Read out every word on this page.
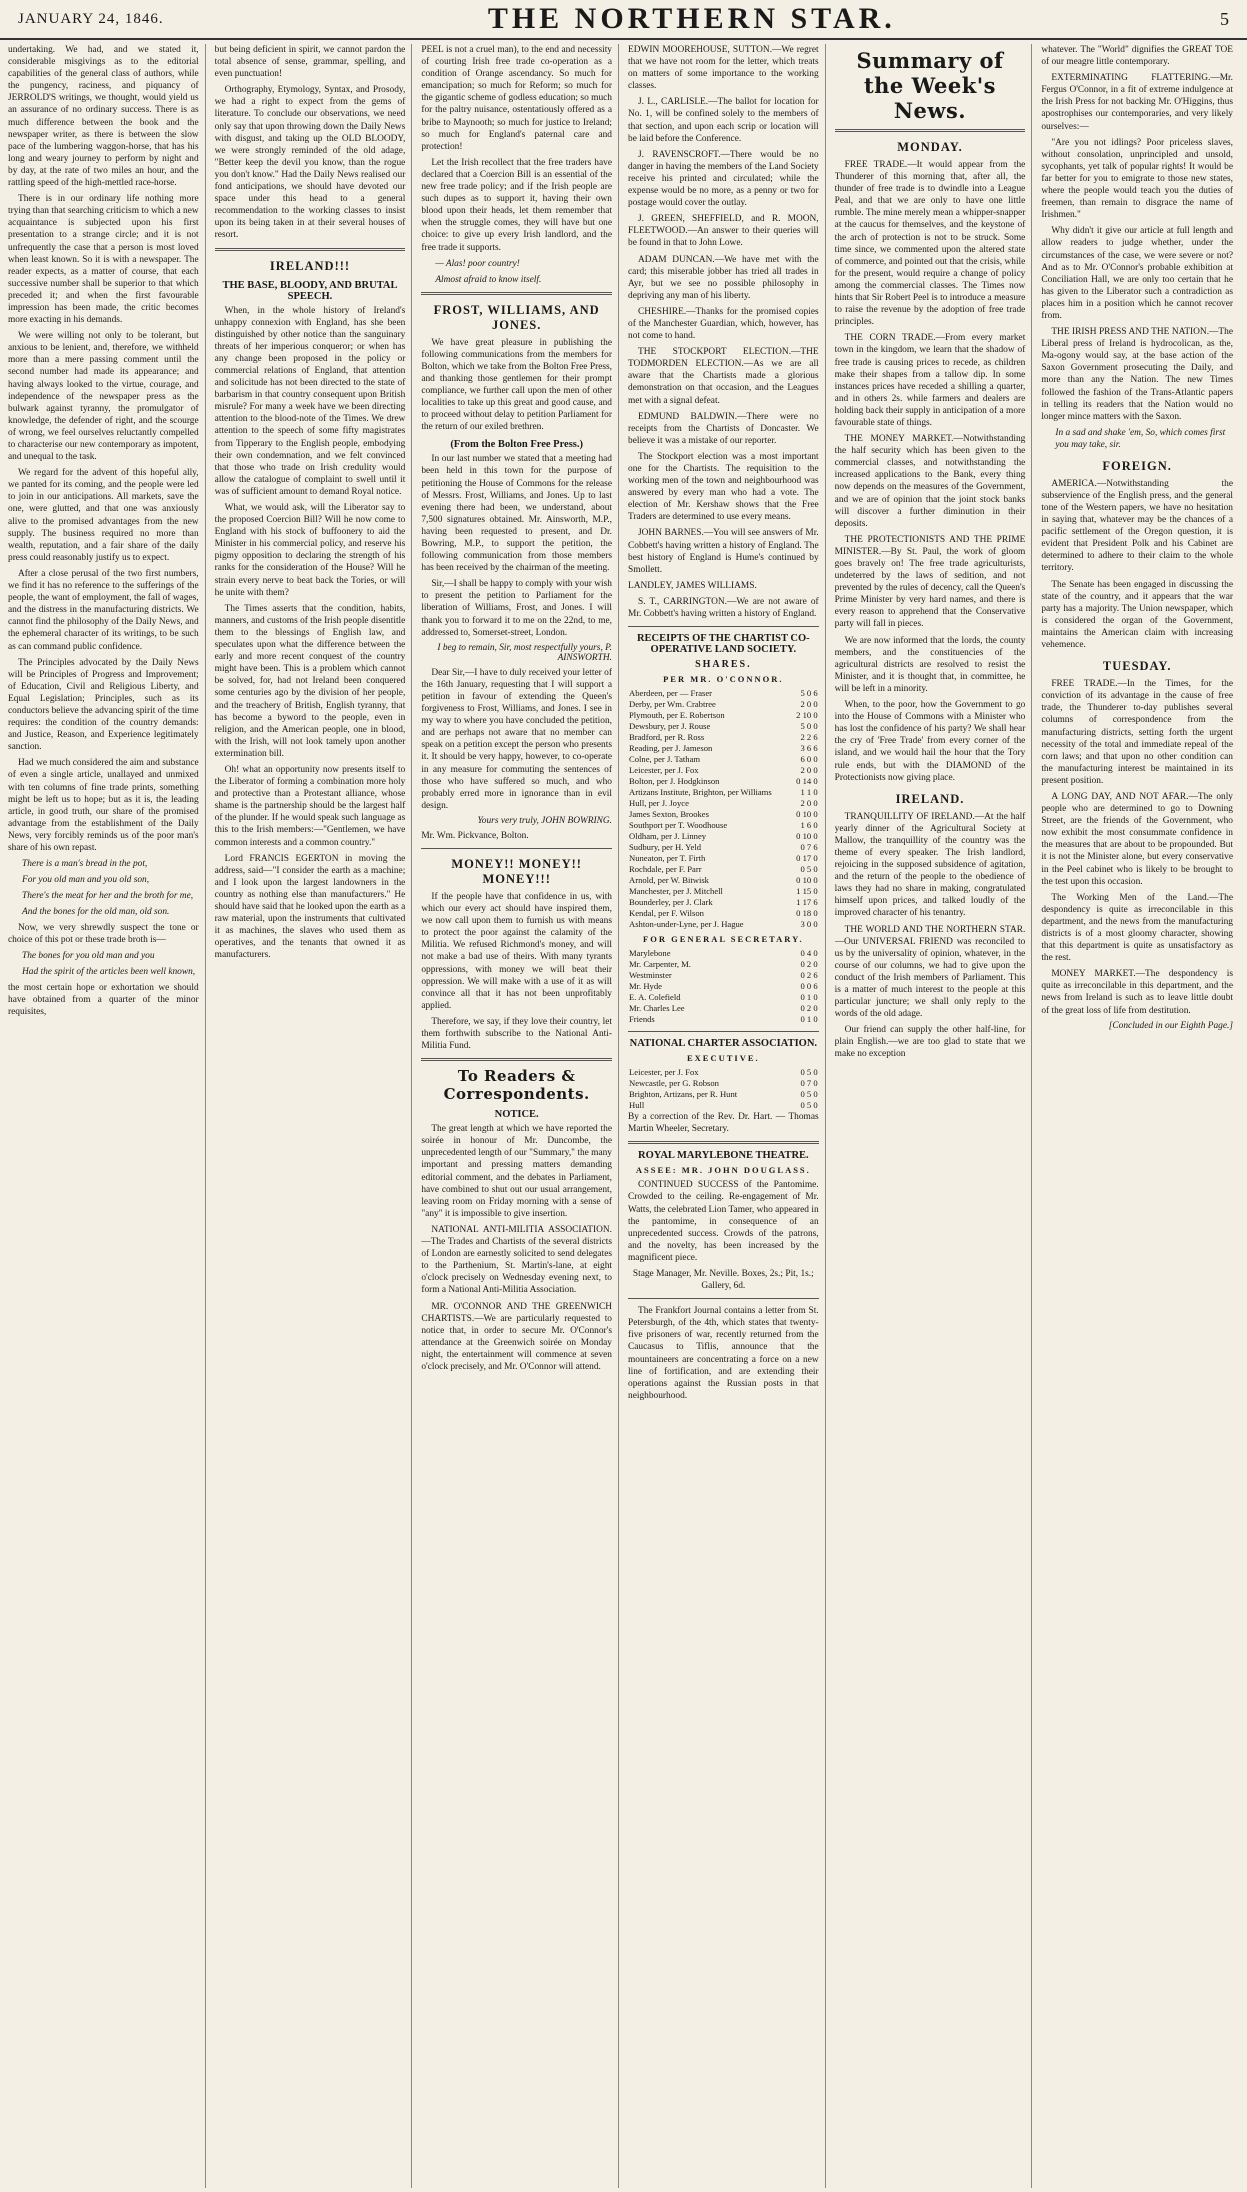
JANUARY 24, 1846.	THE NORTHERN STAR.	5

undertaking. We had, and we stated it, considerable misgivings as to the editorial capabilities of the general class of authors, while the pungency, raciness, and piquancy of JERROLD'S writings, we thought, would yield us an assurance of no ordinary success. There is as much difference between the book and the newspaper writer, as there is between the slow pace of the lumbering waggon-horse, that has his long and weary journey to perform by night and by day, at the rate of two miles an hour, and the rattling speed of the high-mettled race-horse.

There is in our ordinary life nothing more trying than that searching criticism to which a new acquaintance is subjected upon his first presentation to a strange circle; and it is not unfrequently the case that a person is most loved when least known. So it is with a newspaper. The reader expects, as a matter of course, that each successive number shall be superior to that which preceded it; and when the first favourable impression has been made, the critic becomes more exacting in his demands.

We were willing not only to be tolerant, but anxious to be lenient, and, therefore, we withheld more than a mere passing comment until the second number had made its appearance; and having always looked to the virtue, courage, and independence of the newspaper press as the bulwark against tyranny, the promulgator of knowledge, the defender of right, and the scourge of wrong, we feel ourselves reluctantly compelled to characterise our new contemporary as impotent, and unequal to the task.

We regard for the advent of this hopeful ally, we panted for its coming, and the people were led to join in our anticipations. All markets, save the one, were glutted, and that one was anxiously alive to the promised advantages from the new supply. The business required no more than wealth, reputation, and a fair share of the daily press could reasonably justify us to expect.

After a close perusal of the two first numbers, we find it has no reference to the sufferings of the people, the want of employment, the fall of wages, and the distress in the manufacturing districts. We cannot find the philosophy of the Daily News, and the ephemeral character of its writings, to be such as can command public confidence.

The Principles advocated by the Daily News will be Principles of Progress and Improvement; of Education, Civil and Religious Liberty, and Equal Legislation; Principles, such as its conductors believe the advancing spirit of the time requires: the condition of the country demands: and Justice, Reason, and Experience legitimately sanction.

Had we much considered the aim and substance of even a single article, unallayed and unmixed with ten columns of fine trade prints, something might be left us to hope; but as it is, the leading article, in good truth, our share of the promised advantage from the establishment of the Daily News, very forcibly reminds us of the poor man's share of his own repast.

There is a man's bread in the pot,
For you old man and you old son,
There's the meat for her and the broth for me,
And the bones for the old man, old son.

Now, we very shrewdly suspect the tone or choice of this pot or these trade broth is—

The bones for you old man and you
Had the spirit of the articles been well known,

the most certain hope or exhortation we should have obtained from a quarter of the minor requisites,

but being deficient in spirit, we cannot pardon the total absence of sense, grammar, spelling, and even punctuation!

Orthography, Etymology, Syntax, and Prosody, we had a right to expect from the gems of literature. To conclude our observations, we need only say that upon throwing down the Daily News with disgust, and taking up the OLD BLOODY, we were strongly reminded of the old adage, "Better keep the devil you know, than the rogue you don't know." Had the Daily News realised our fond anticipations, we should have devoted our space under this head to a general recommendation to the working classes to insist upon its being taken in at their several houses of resort.

IRELAND!!!
THE BASE, BLOODY, AND BRUTAL SPEECH.

When, in the whole history of Ireland's unhappy connexion with England, has she been distinguished by other notice than the sanguinary threats of her imperious conqueror; or when has any change been proposed in the policy or commercial relations of England, that attention and solicitude has not been directed to the state of barbarism in that country consequent upon British misrule? For many a week have we been directing attention to the blood-note of the Times. We drew attention to the speech of some fifty magistrates from Tipperary to the English people, embodying their own condemnation, and we felt convinced that those who trade on Irish credulity would allow the catalogue of complaint to swell until it was of sufficient amount to demand Royal notice.

What, we would ask, will the Liberator say to the proposed Coercion Bill? Will he now come to England with his stock of buffoonery to aid the Minister in his commercial policy, and reserve his pigmy opposition to declaring the strength of his ranks for the consideration of the House? Will he strain every nerve to beat back the Tories, or will he unite with them?

The Times asserts that the condition, habits, manners, and customs of the Irish people disentitle them to the blessings of English law, and speculates upon what the difference between the early and more recent conquest of the country might have been. This is a problem which cannot be solved, for, had not Ireland been conquered some centuries ago by the division of her people, and the treachery of British, English tyranny, that has become a byword to the people, even in religion, and the American people, one in blood, with the Irish, will not look tamely upon another extermination bill.

Oh! what an opportunity now presents itself to the Liberator of forming a combination more holy and protective than a Protestant alliance, whose shame is the partnership should be the largest half of the plunder. If he would speak such language as this to the Irish members:—"Gentlemen, we have common interests and a common country."

Lord FRANCIS EGERTON in moving the address, said—"I consider the earth as a machine; and I look upon the largest landowners in the country as nothing else than manufacturers." He should have said that he looked upon the earth as a raw material, upon the instruments that cultivated it as machines, the slaves who used them as operatives, and the tenants that owned it as manufacturers.

PEEL is not a cruel man), to the end and necessity of courting Irish free trade co-operation as a condition of Orange ascendancy. So much for emancipation; so much for Reform; so much for the gigantic scheme of godless education; so much for the paltry nuisance, ostentatiously offered as a bribe to Maynooth; so much for justice to Ireland; so much for England's paternal care and protection!

Let the Irish recollect that the free traders have declared that a Coercion Bill is an essential of the new free trade policy; and if the Irish people are such dupes as to support it, having their own blood upon their heads, let them remember that when the struggle comes, they will have but one choice: to give up every Irish landlord, and the free trade it supports.

— Alas! poor country!
Almost afraid to know itself.
FROST, WILLIAMS, AND JONES.

We have great pleasure in publishing the following communications from the members for Bolton, which we take from the Bolton Free Press, and thanking those gentlemen for their prompt compliance, we further call upon the men of other localities to take up this great and good cause, and to proceed without delay to petition Parliament for the return of our exiled brethren.

(From the Bolton Free Press.)

In our last number we stated that a meeting had been held in this town for the purpose of petitioning the House of Commons for the release of Messrs. Frost, Williams, and Jones. Up to last evening there had been, we understand, about 7,500 signatures obtained. Mr. Ainsworth, M.P., having been requested to present, and Dr. Bowring, M.P., to support the petition, the following communication from those members has been received by the chairman of the meeting.

Sir,—I shall be happy to comply with your wish to present the petition to Parliament for the liberation of Williams, Frost, and Jones. I will thank you to forward it to me on the 22nd, to me, addressed to, Somerset-street, London.

I beg to remain, Sir, most respectfully yours, P. AINSWORTH.

Dear Sir,—I have to duly received your letter of the 16th January, requesting that I will support a petition in favour of extending the Queen's forgiveness to Frost, Williams, and Jones. I see in my way to where you have concluded the petition, and are perhaps not aware that no member can speak on a petition except the person who presents it. It should be very happy, however, to co-operate in any measure for commuting the sentences of those who have suffered so much, and who probably erred more in ignorance than in evil design.

Yours very truly, JOHN BOWRING.

Mr. Wm. Pickvance, Bolton.

MONEY!! MONEY!! MONEY!!!

If the people have that confidence in us, with which our every act should have inspired them, we now call upon them to furnish us with means to protect the poor against the calamity of the Militia. We refused Richmond's money, and will not make a bad use of theirs. With many tyrants oppressions, with money we will beat their oppression. We will make with a use of it as will convince all that it has not been unprofitably applied.

Therefore, we say, if they love their country, let them forthwith subscribe to the National Anti-Militia Fund.

To Readers & Correspondents.
NOTICE.

The great length at which we have reported the soirée in honour of Mr. Duncombe, the unprecedented length of our "Summary," the many important and pressing matters demanding editorial comment, and the debates in Parliament, have combined to shut out our usual arrangement, leaving room on Friday morning with a sense of "any" it is impossible to give insertion.

NATIONAL ANTI-MILITIA ASSOCIATION.—The Trades and Chartists of the several districts of London are earnestly solicited to send delegates to the Parthenium, St. Martin's-lane, at eight o'clock precisely on Wednesday evening next, to form a National Anti-Militia Association.

MR. O'CONNOR AND THE GREENWICH CHARTISTS.—We are particularly requested to notice that, in order to secure Mr. O'Connor's attendance at the Greenwich soirée on Monday night, the entertainment will commence at seven o'clock precisely, and Mr. O'Connor will attend.

EDWIN MOOREHOUSE, SUTTON.—We regret that we have not room for the letter, which treats on matters of some importance to the working classes.

J. L., CARLISLE.—The ballot for location for No. 1, will be confined solely to the members of that section, and upon each scrip or location will be laid before the Conference.

J. RAVENSCROFT.—There would be no danger in having the members of the Land Society receive his printed and circulated; while the expense would be no more, as a penny or two for postage would cover the outlay.

J. GREEN, SHEFFIELD, and R. MOON, FLEETWOOD.—An answer to their queries will be found in that to John Lowe.

ADAM DUNCAN.—We have met with the card; this miserable jobber has tried all trades in Ayr, but we see no possible philosophy in depriving any man of his liberty.

CHESHIRE.—Thanks for the promised copies of the Manchester Guardian, which, however, has not come to hand.

THE STOCKPORT ELECTION.—THE TODMORDEN ELECTION.—As we are all aware that the Chartists made a glorious demonstration on that occasion, and the Leagues met with a signal defeat.

EDMUND BALDWIN.—There were no receipts from the Chartists of Doncaster. We believe it was a mistake of our reporter.

The Stockport election was a most important one for the Chartists. The requisition to the working men of the town and neighbourhood was answered by every man who had a vote. The election of Mr. Kershaw shows that the Free Traders are determined to use every means.

JOHN BARNES.—You will see answers of Mr. Cobbett's having written a history of England. The best history of England is Hume's continued by Smollett.

LANDLEY, JAMES WILLIAMS.

S. T., CARRINGTON.—We are not aware of Mr. Cobbett's having written a history of England.

RECEIPTS OF THE CHARTIST CO-OPERATIVE LAND SOCIETY.
SHARES.
PER MR. O'CONNOR.
Aberdeen, per — Fraser	5 0 6
Derby, per Wm. Crabtree	2 0 0
Plymouth, per E. Robertson	2 10 0
Dewsbury, per J. Rouse	5 0 0
Bradford, per R. Ross	2 2 6
Reading, per J. Jameson	3 6 6
Colne, per J. Tatham	6 0 0
Leicester, per J. Fox	2 0 0
Bolton, per J. Hodgkinson	0 14 0
Artizans Institute, Brighton, per Williams	1 1 0
Hull, per J. Joyce	2 0 0
James Sexton, Brookes	0 10 0
Southport per T. Woodhouse	1 6 0
Oldham, per J. Linney	0 10 0
Sudbury, per H. Yeld	0 7 6
Nuneaton, per T. Firth	0 17 0
Rochdale, per F. Parr	0 5 0
Arnold, per W. Bitwisk	0 10 0
Manchester, per J. Mitchell	1 15 0
Bounderley, per J. Clark	1 17 6
Kendal, per F. Wilson	0 18 0
Ashton-under-Lyne, per J. Hague	3 0 0
FOR GENERAL SECRETARY.
Marylebone	0 4 0
Mr. Carpenter, M.	0 2 0
Westminster	0 2 6
Mr. Hyde	0 0 6
E. A. Colefield	0 1 0
Mr. Charles Lee	0 2 0
Friends	0 1 0
NATIONAL CHARTER ASSOCIATION.
EXECUTIVE.
Leicester, per J. Fox	0 5 0
Newcastle, per G. Robson	0 7 0
Brighton, Artizans, per R. Hunt	0 5 0
Hull	0 5 0

By a correction of the Rev. Dr. Hart. — Thomas Martin Wheeler, Secretary.

ROYAL MARYLEBONE THEATRE.
ASSEE: MR. JOHN DOUGLASS.

CONTINUED SUCCESS of the Pantomime. Crowded to the ceiling. Re-engagement of Mr. Watts, the celebrated Lion Tamer, who appeared in the pantomime, in consequence of an unprecedented success. Crowds of the patrons, and the novelty, has been increased by the magnificent piece.

Stage Manager, Mr. Neville. Boxes, 2s.; Pit, 1s.; Gallery, 6d.

The Frankfort Journal contains a letter from St. Petersburgh, of the 4th, which states that twenty-five prisoners of war, recently returned from the Caucasus to Tiflis, announce that the mountaineers are concentrating a force on a new line of fortification, and are extending their operations against the Russian posts in that neighbourhood.

Summary of the Week's News.
MONDAY.

FREE TRADE.—It would appear from the Thunderer of this morning that, after all, the thunder of free trade is to dwindle into a League Peal, and that we are only to have one little rumble. The mine merely mean a whipper-snapper at the caucus for themselves, and the keystone of the arch of protection is not to be struck. Some time since, we commented upon the altered state of commerce, and pointed out that the crisis, while for the present, would require a change of policy among the commercial classes. The Times now hints that Sir Robert Peel is to introduce a measure to raise the revenue by the adoption of free trade principles.

THE CORN TRADE.—From every market town in the kingdom, we learn that the shadow of free trade is causing prices to recede, as children make their shapes from a tallow dip. In some instances prices have receded a shilling a quarter, and in others 2s. while farmers and dealers are holding back their supply in anticipation of a more favourable state of things.

THE MONEY MARKET.—Notwithstanding the half security which has been given to the commercial classes, and notwithstanding the increased applications to the Bank, every thing now depends on the measures of the Government, and we are of opinion that the joint stock banks will discover a further diminution in their deposits.

THE PROTECTIONISTS AND THE PRIME MINISTER.—By St. Paul, the work of gloom goes bravely on! The free trade agriculturists, undeterred by the laws of sedition, and not prevented by the rules of decency, call the Queen's Prime Minister by very hard names, and there is every reason to apprehend that the Conservative party will fall in pieces.

We are now informed that the lords, the county members, and the constituencies of the agricultural districts are resolved to resist the Minister, and it is thought that, in committee, he will be left in a minority.

When, to the poor, how the Government to go into the House of Commons with a Minister who has lost the confidence of his party? We shall hear the cry of 'Free Trade' from every corner of the island, and we would hail the hour that the Tory rule ends, but with the DIAMOND of the Protectionists now giving place.

IRELAND.

TRANQUILLITY OF IRELAND.—At the half yearly dinner of the Agricultural Society at Mallow, the tranquillity of the country was the theme of every speaker. The Irish landlord, rejoicing in the supposed subsidence of agitation, and the return of the people to the obedience of laws they had no share in making, congratulated himself upon prices, and talked loudly of the improved character of his tenantry.

THE WORLD AND THE NORTHERN STAR.—Our UNIVERSAL FRIEND was reconciled to us by the universality of opinion, whatever, in the course of our columns, we had to give upon the conduct of the Irish members of Parliament. This is a matter of much interest to the people at this particular juncture; we shall only reply to the words of the old adage.

Our friend can supply the other half-line, for plain English.—we are too glad to state that we make no exception

whatever. The "World" dignifies the GREAT TOE of our meagre little contemporary.

EXTERMINATING FLATTERING.—Mr. Fergus O'Connor, in a fit of extreme indulgence at the Irish Press for not backing Mr. O'Higgins, thus apostrophises our contemporaries, and very likely ourselves:—

"Are you not idlings? Poor priceless slaves, without consolation, unprincipled and unsold, sycophants, yet talk of popular rights! It would be far better for you to emigrate to those new states, where the people would teach you the duties of freemen, than remain to disgrace the name of Irishmen."

Why didn't it give our article at full length and allow readers to judge whether, under the circumstances of the case, we were severe or not? And as to Mr. O'Connor's probable exhibition at Conciliation Hall, we are only too certain that he has given to the Liberator such a contradiction as places him in a position which he cannot recover from.

THE IRISH PRESS AND THE NATION.—The Liberal press of Ireland is hydrocolican, as the, Ma-ogony would say, at the base action of the Saxon Government prosecuting the Daily, and more than any the Nation. The new Times followed the fashion of the Trans-Atlantic papers in telling its readers that the Nation would no longer mince matters with the Saxon.

In a sad and shake 'em, So, which comes first you may take, sir.
FOREIGN.

AMERICA.—Notwithstanding the subservience of the English press, and the general tone of the Western papers, we have no hesitation in saying that, whatever may be the chances of a pacific settlement of the Oregon question, it is evident that President Polk and his Cabinet are determined to adhere to their claim to the whole territory.

The Senate has been engaged in discussing the state of the country, and it appears that the war party has a majority. The Union newspaper, which is considered the organ of the Government, maintains the American claim with increasing vehemence.

TUESDAY.

FREE TRADE.—In the Times, for the conviction of its advantage in the cause of free trade, the Thunderer to-day publishes several columns of correspondence from the manufacturing districts, setting forth the urgent necessity of the total and immediate repeal of the corn laws; and that upon no other condition can the manufacturing interest be maintained in its present position.

A LONG DAY, AND NOT AFAR.—The only people who are determined to go to Downing Street, are the friends of the Government, who now exhibit the most consummate confidence in the measures that are about to be propounded. But it is not the Minister alone, but every conservative in the Peel cabinet who is likely to be brought to the test upon this occasion.

The Working Men of the Land.—The despondency is quite as irreconcilable in this department, and the news from the manufacturing districts is of a most gloomy character, showing that this department is quite as unsatisfactory as the rest.

MONEY MARKET.—The despondency is quite as irreconcilable in this department, and the news from Ireland is such as to leave little doubt of the great loss of life from destitution.

[Concluded in our Eighth Page.]
